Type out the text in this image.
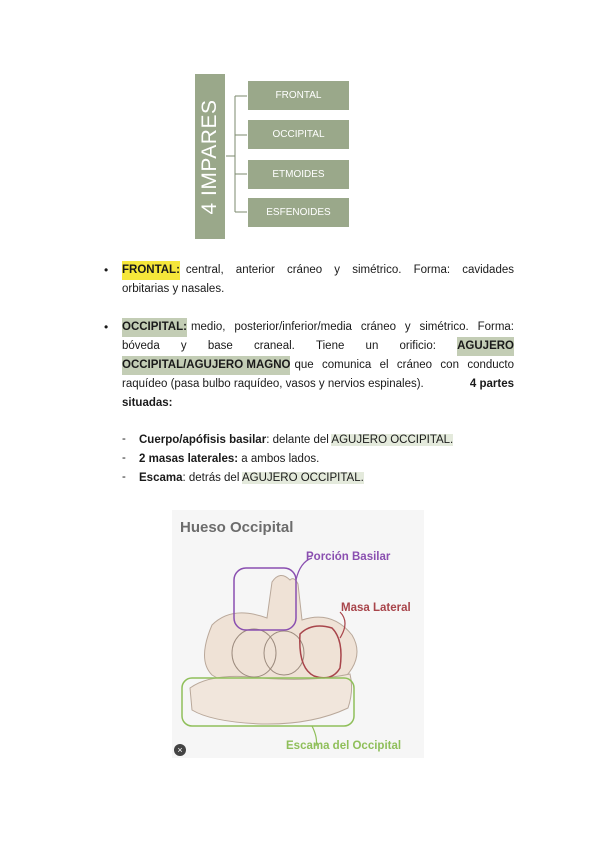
4 IMPARES
FRONTAL
OCCIPITAL
ETMOIDES
ESFENOIDES
• FRONTAL: central, anterior cráneo y simétrico. Forma: cavidades
orbitarias y nasales.
• OCCIPITAL: medio, posterior/inferior/media cráneo y simétrico. Forma:
bóveda y base craneal. Tiene un orificio: AGUJERO
OCCIPITAL/AGUJERO MAGNO que comunica el cráneo con conducto
raquídeo (pasa bulbo raquídeo, vasos y nervios espinales).	4 partes
situadas:
- Cuerpo/apófisis basilar: delante del AGUJERO OCCIPITAL.
- 2 masas laterales: a ambos lados.
- Escama: detrás del AGUJERO OCCIPITAL.
Hueso Occipital
Porción Basilar
Masa Lateral
Escama del Occipital
×
